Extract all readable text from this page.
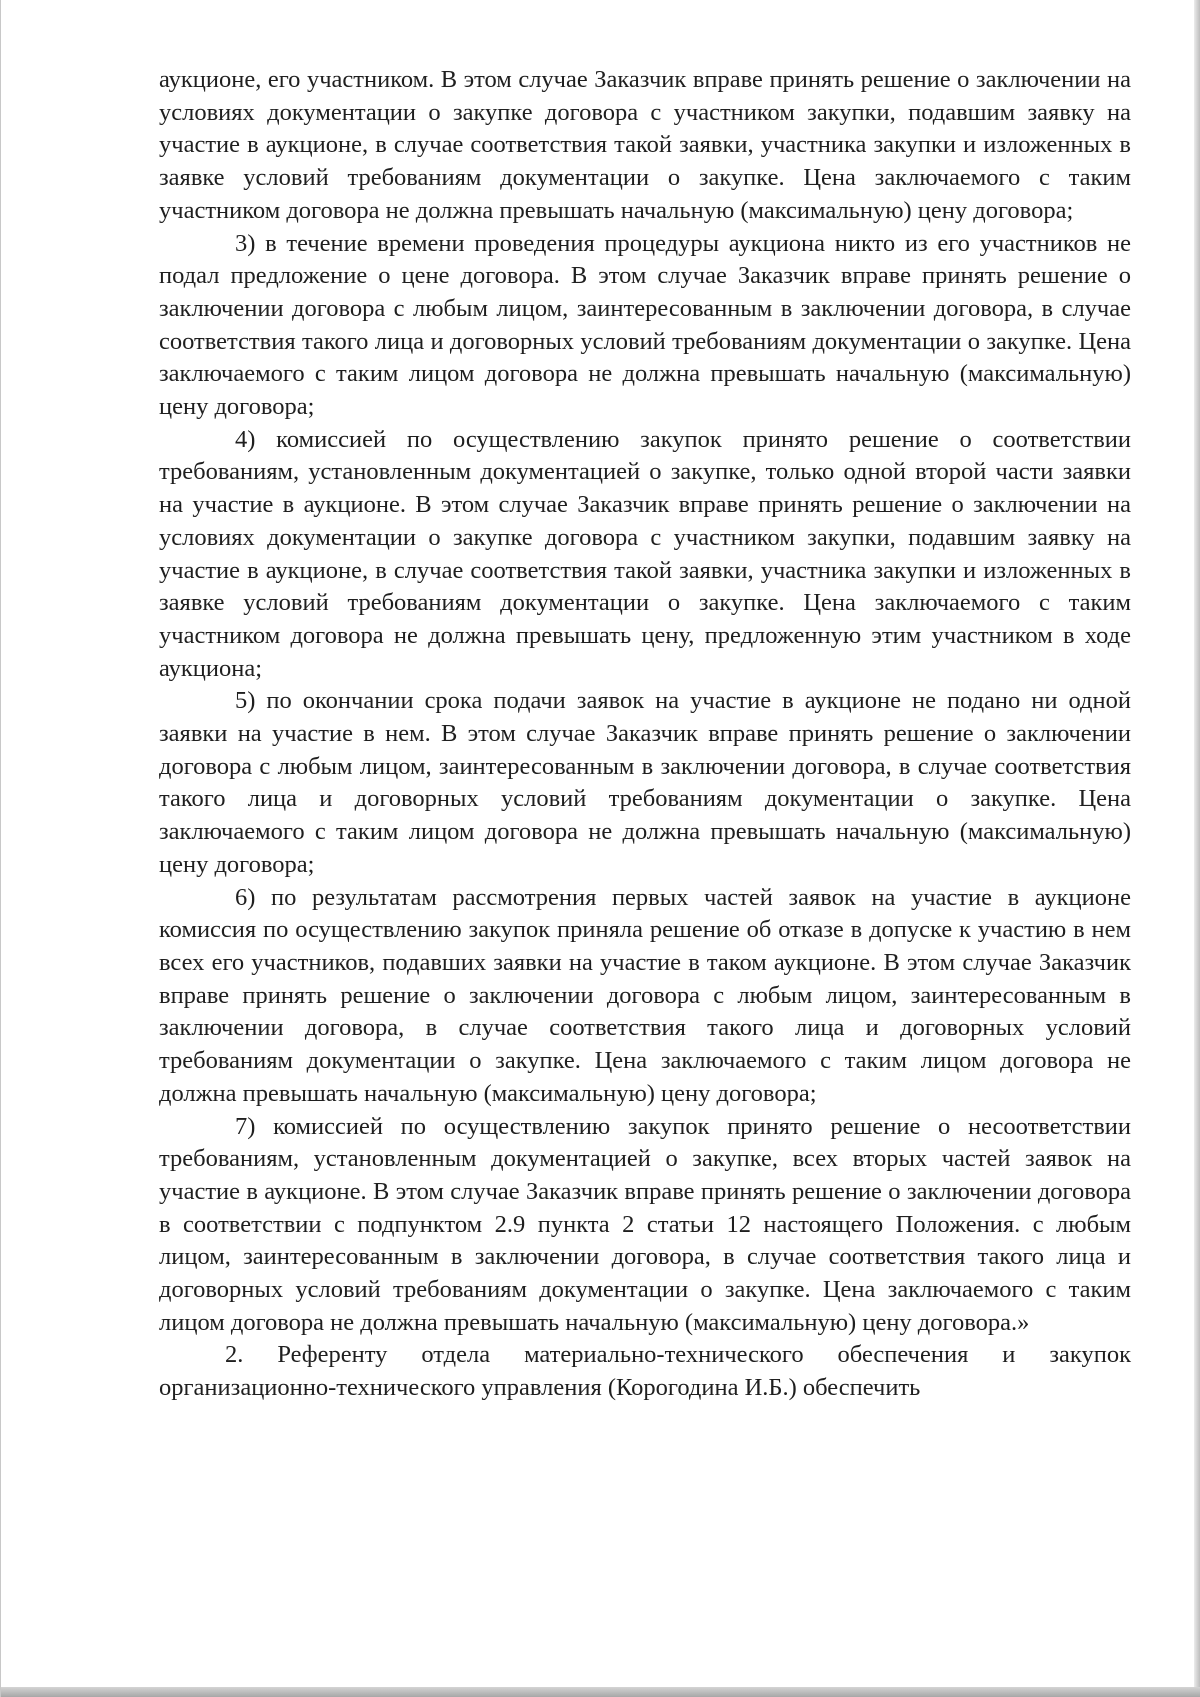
аукционе, его участником. В этом случае Заказчик вправе принять решение о заключении на условиях документации о закупке договора с участником закупки, подавшим заявку на участие в аукционе, в случае соответствия такой заявки, участника закупки и изложенных в заявке условий требованиям документации о закупке. Цена заключаемого с таким участником договора не должна превышать начальную (максимальную) цену договора;

3) в течение времени проведения процедуры аукциона никто из его участников не подал предложение о цене договора. В этом случае Заказчик вправе принять решение о заключении договора с любым лицом, заинтересованным в заключении договора, в случае соответствия такого лица и договорных условий требованиям документации о закупке. Цена заключаемого с таким лицом договора не должна превышать начальную (максимальную) цену договора;

4) комиссией по осуществлению закупок принято решение о соответствии требованиям, установленным документацией о закупке, только одной второй части заявки на участие в аукционе. В этом случае Заказчик вправе принять решение о заключении на условиях документации о закупке договора с участником закупки, подавшим заявку на участие в аукционе, в случае соответствия такой заявки, участника закупки и изложенных в заявке условий требованиям документации о закупке. Цена заключаемого с таким участником договора не должна превышать цену, предложенную этим участником в ходе аукциона;

5) по окончании срока подачи заявок на участие в аукционе не подано ни одной заявки на участие в нем. В этом случае Заказчик вправе принять решение о заключении договора с любым лицом, заинтересованным в заключении договора, в случае соответствия такого лица и договорных условий требованиям документации о закупке. Цена заключаемого с таким лицом договора не должна превышать начальную (максимальную) цену договора;

6) по результатам рассмотрения первых частей заявок на участие в аукционе комиссия по осуществлению закупок приняла решение об отказе в допуске к участию в нем всех его участников, подавших заявки на участие в таком аукционе. В этом случае Заказчик вправе принять решение о заключении договора с любым лицом, заинтересованным в заключении договора, в случае соответствия такого лица и договорных условий требованиям документации о закупке. Цена заключаемого с таким лицом договора не должна превышать начальную (максимальную) цену договора;

7) комиссией по осуществлению закупок принято решение о несоответствии требованиям, установленным документацией о закупке, всех вторых частей заявок на участие в аукционе. В этом случае Заказчик вправе принять решение о заключении договора в соответствии с подпунктом 2.9 пункта 2 статьи 12 настоящего Положения. с любым лицом, заинтересованным в заключении договора, в случае соответствия такого лица и договорных условий требованиям документации о закупке. Цена заключаемого с таким лицом договора не должна превышать начальную (максимальную) цену договора.»

2. Референту отдела материально-технического обеспечения и закупок организационно-технического управления (Корогодина И.Б.) обеспечить
